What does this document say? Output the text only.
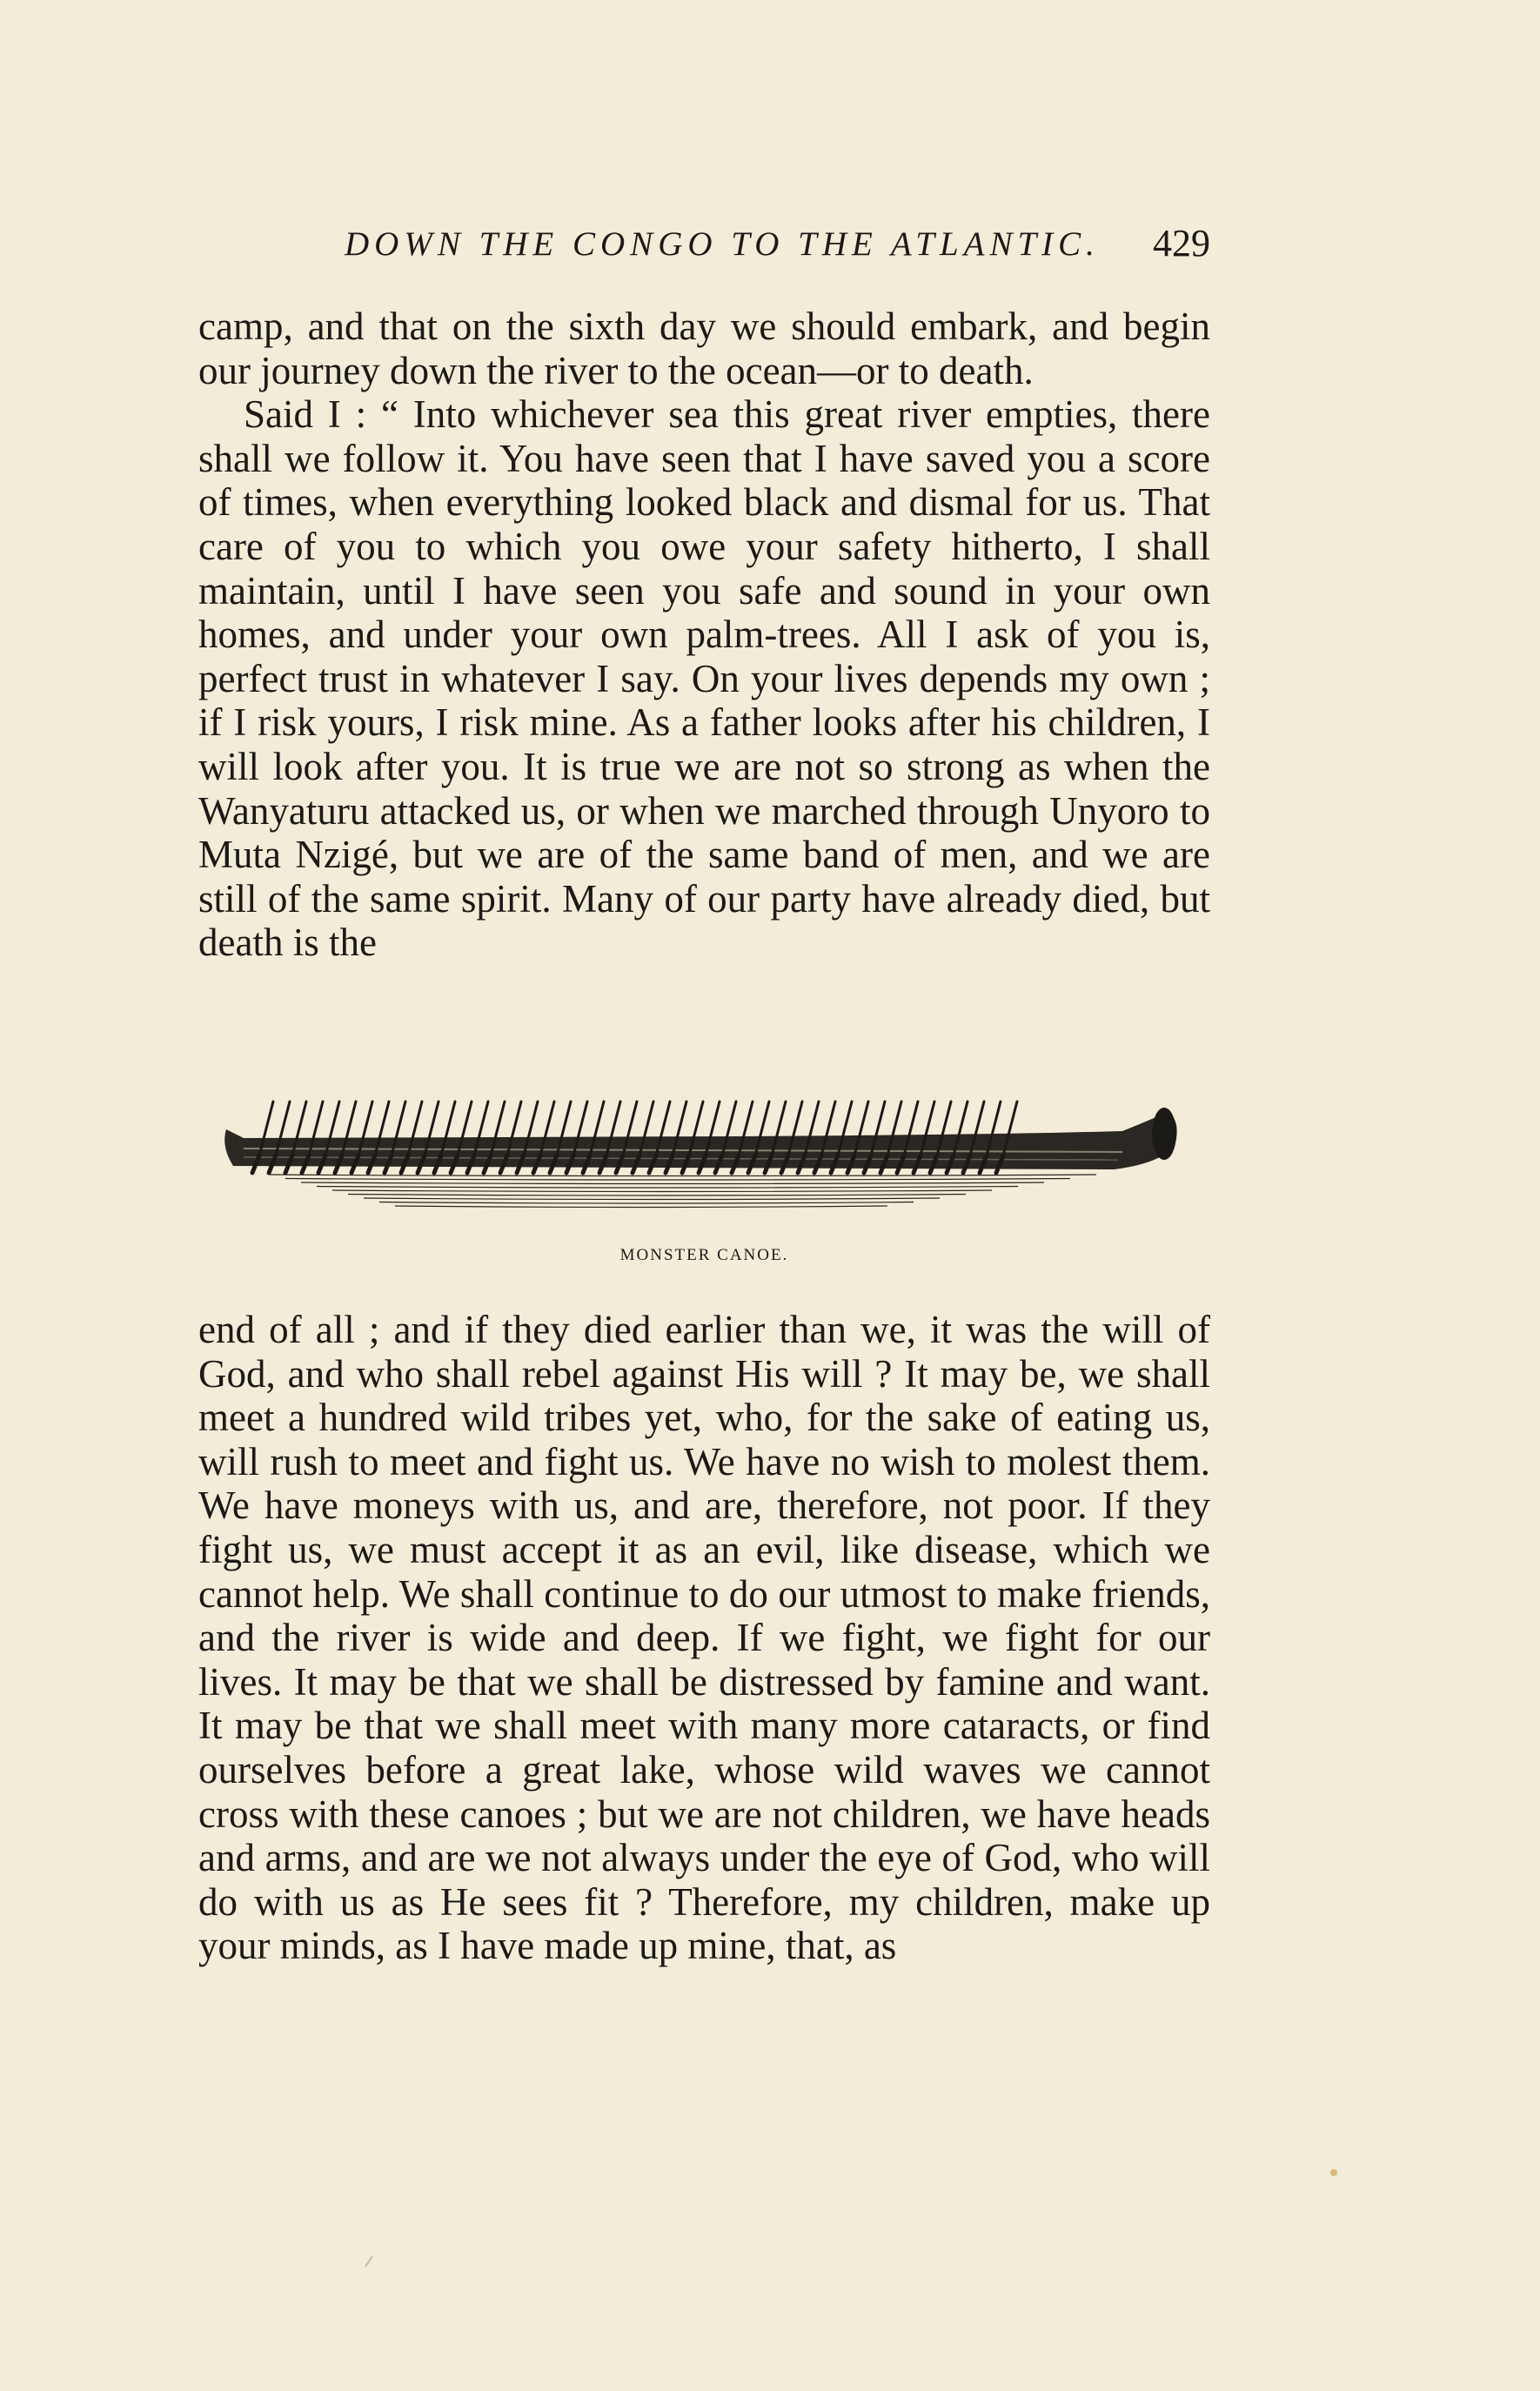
DOWN THE CONGO TO THE ATLANTIC. 429

camp, and that on the sixth day we should embark, and begin our journey down the river to the ocean—or to death.

Said I : “ Into whichever sea this great river empties, there shall we follow it. You have seen that I have saved you a score of times, when everything looked black and dismal for us. That care of you to which you owe your safety hitherto, I shall maintain, until I have seen you safe and sound in your own homes, and under your own palm-trees. All I ask of you is, perfect trust in whatever I say. On your lives depends my own ; if I risk yours, I risk mine. As a father looks after his children, I will look after you. It is true we are not so strong as when the Wanyaturu attacked us, or when we marched through Unyoro to Muta Nzigé, but we are of the same band of men, and we are still of the same spirit. Many of our party have already died, but death is the

MONSTER CANOE.

end of all ; and if they died earlier than we, it was the will of God, and who shall rebel against His will ? It may be, we shall meet a hundred wild tribes yet, who, for the sake of eating us, will rush to meet and fight us. We have no wish to molest them. We have moneys with us, and are, therefore, not poor. If they fight us, we must accept it as an evil, like disease, which we cannot help. We shall continue to do our utmost to make friends, and the river is wide and deep. If we fight, we fight for our lives. It may be that we shall be distressed by famine and want. It may be that we shall meet with many more cataracts, or find ourselves before a great lake, whose wild waves we cannot cross with these canoes ; but we are not children, we have heads and arms, and are we not always under the eye of God, who will do with us as He sees fit ? Therefore, my children, make up your minds, as I have made up mine, that, as
